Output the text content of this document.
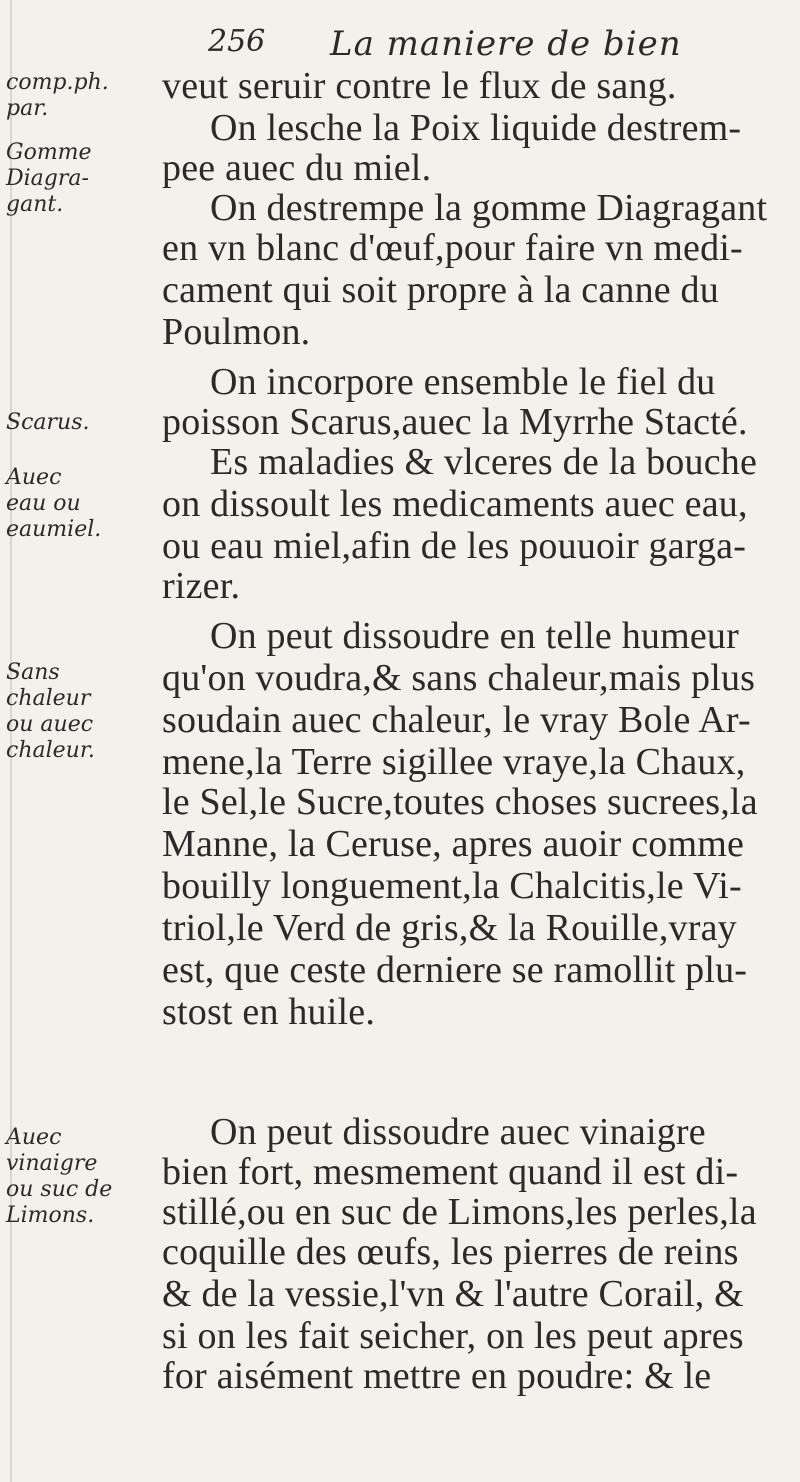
256 La maniere de bien
comp.ph.
par.
Gomme
Diagra-
gant.
Scarus.
Auec
eau ou
eaumiel.
Sans
chaleur
ou auec
chaleur.
Auec
vinaigre
ou suc de
Limons.
veut seruir contre le flux de sang.
On lesche la Poix liquide destrem-
pee auec du miel.
On destrempe la gomme Diagragant
en vn blanc d'œuf,pour faire vn medi-
cament qui soit propre à la canne du
Poulmon.
On incorpore ensemble le fiel du
poisson Scarus,auec la Myrrhe Stacté.
Es maladies & vlceres de la bouche
on dissoult les medicaments auec eau,
ou eau miel,afin de les pouuoir garga-
rizer.
On peut dissoudre en telle humeur
qu'on voudra,& sans chaleur,mais plus
soudain auec chaleur, le vray Bole Ar-
mene,la Terre sigillee vraye,la Chaux,
le Sel,le Sucre,toutes choses sucrees,la
Manne, la Ceruse, apres auoir comme
bouilly longuement,la Chalcitis,le Vi-
triol,le Verd de gris,& la Rouille,vray
est, que ceste derniere se ramollit plu-
stost en huile.
On peut dissoudre auec vinaigre
bien fort, mesmement quand il est di-
stillé,ou en suc de Limons,les perles,la
coquille des œufs, les pierres de reins
& de la vessie,l'vn & l'autre Corail, &
si on les fait seicher, on les peut apres
for aisément mettre en poudre: & le
